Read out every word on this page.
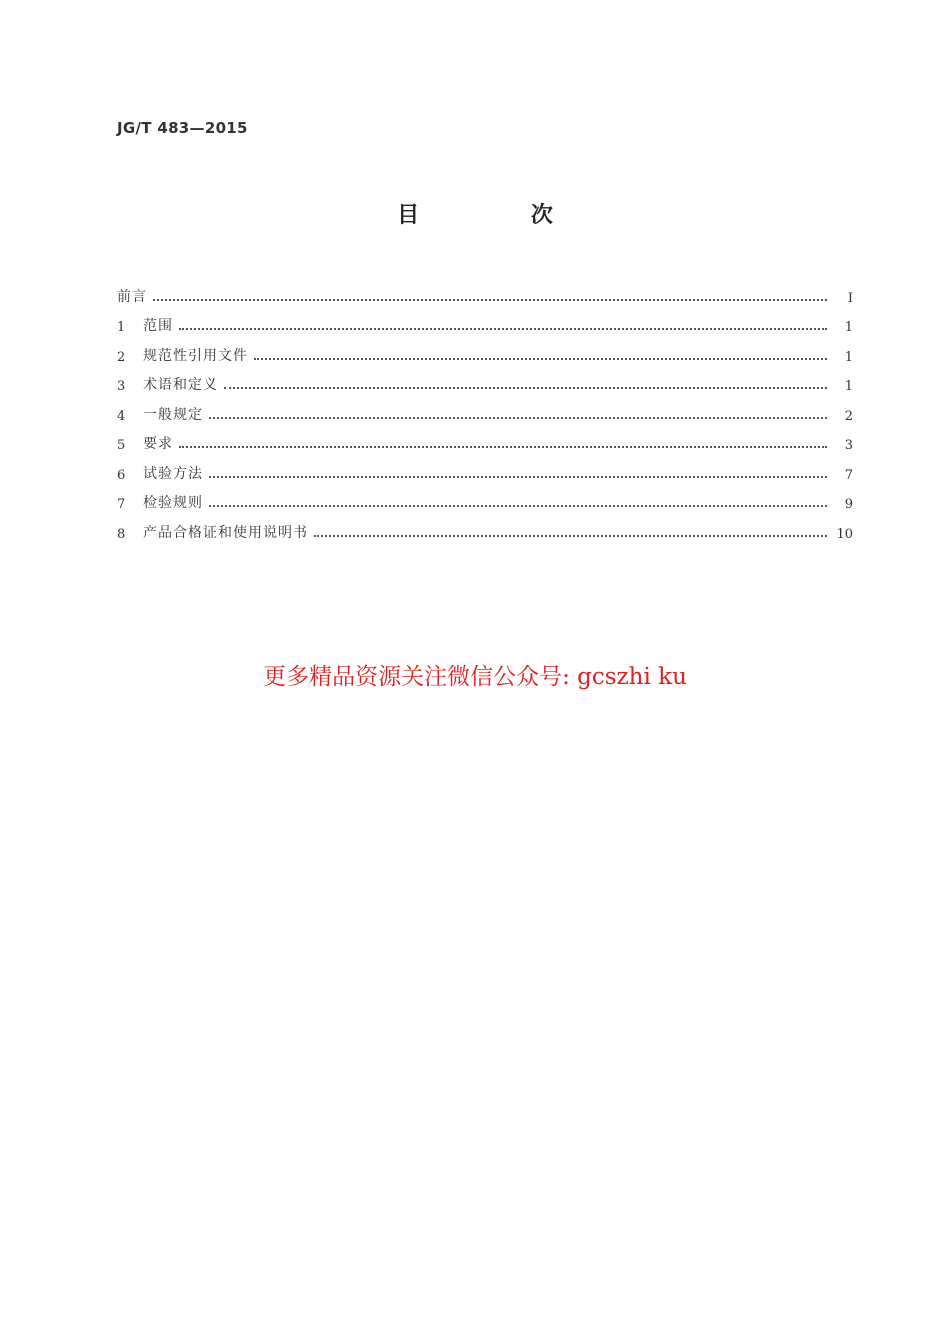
JG/T 483—2015
目 次
前言	I
1	范围	1
2	规范性引用文件	1
3	术语和定义	1
4	一般规定	2
5	要求	3
6	试验方法	7
7	检验规则	9
8	产品合格证和使用说明书	10
更多精品资源关注微信公众号: gcszhi ku
